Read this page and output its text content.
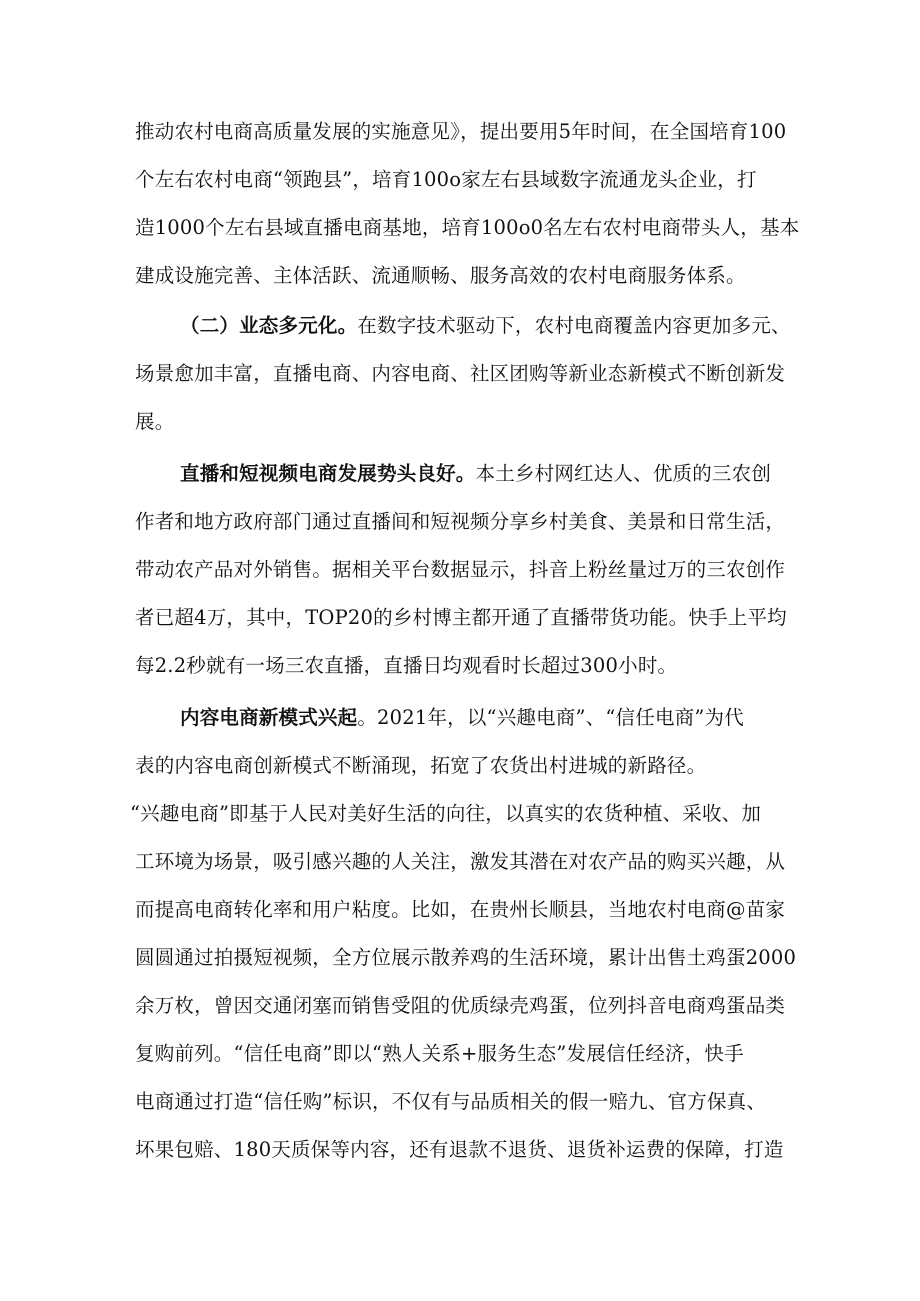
推动农村电商高质量发展的实施意见》，提出要用5年时间，在全国培育100
个左右农村电商“领跑县”，培育100o家左右县域数字流通龙头企业，打
造1000个左右县域直播电商基地，培育100o0名左右农村电商带头人，基本
建成设施完善、主体活跃、流通顺畅、服务高效的农村电商服务体系。
（二）业态多元化。在数字技术驱动下，农村电商覆盖内容更加多元、
场景愈加丰富，直播电商、内容电商、社区团购等新业态新模式不断创新发
展。
直播和短视频电商发展势头良好。本土乡村网红达人、优质的三农创
作者和地方政府部门通过直播间和短视频分享乡村美食、美景和日常生活，
带动农产品对外销售。据相关平台数据显示，抖音上粉丝量过万的三农创作
者已超4万，其中，TOP20的乡村博主都开通了直播带货功能。快手上平均
每2.2秒就有一场三农直播，直播日均观看时长超过300小时。
内容电商新模式兴起。2021年，以“兴趣电商”、“信任电商”为代
表的内容电商创新模式不断涌现，拓宽了农货出村进城的新路径。
“兴趣电商”即基于人民对美好生活的向往，以真实的农货种植、采收、加
工环境为场景，吸引感兴趣的人关注，激发其潜在对农产品的购买兴趣，从
而提高电商转化率和用户粘度。比如，在贵州长顺县，当地农村电商@苗家
圆圆通过拍摄短视频，全方位展示散养鸡的生活环境，累计出售土鸡蛋2000
余万枚，曾因交通闭塞而销售受阻的优质绿壳鸡蛋，位列抖音电商鸡蛋品类
复购前列。“信任电商”即以“熟人关系+服务生态”发展信任经济，快手
电商通过打造“信任购”标识，不仅有与品质相关的假一赔九、官方保真、
坏果包赔、180天质保等内容，还有退款不退货、退货补运费的保障，打造
